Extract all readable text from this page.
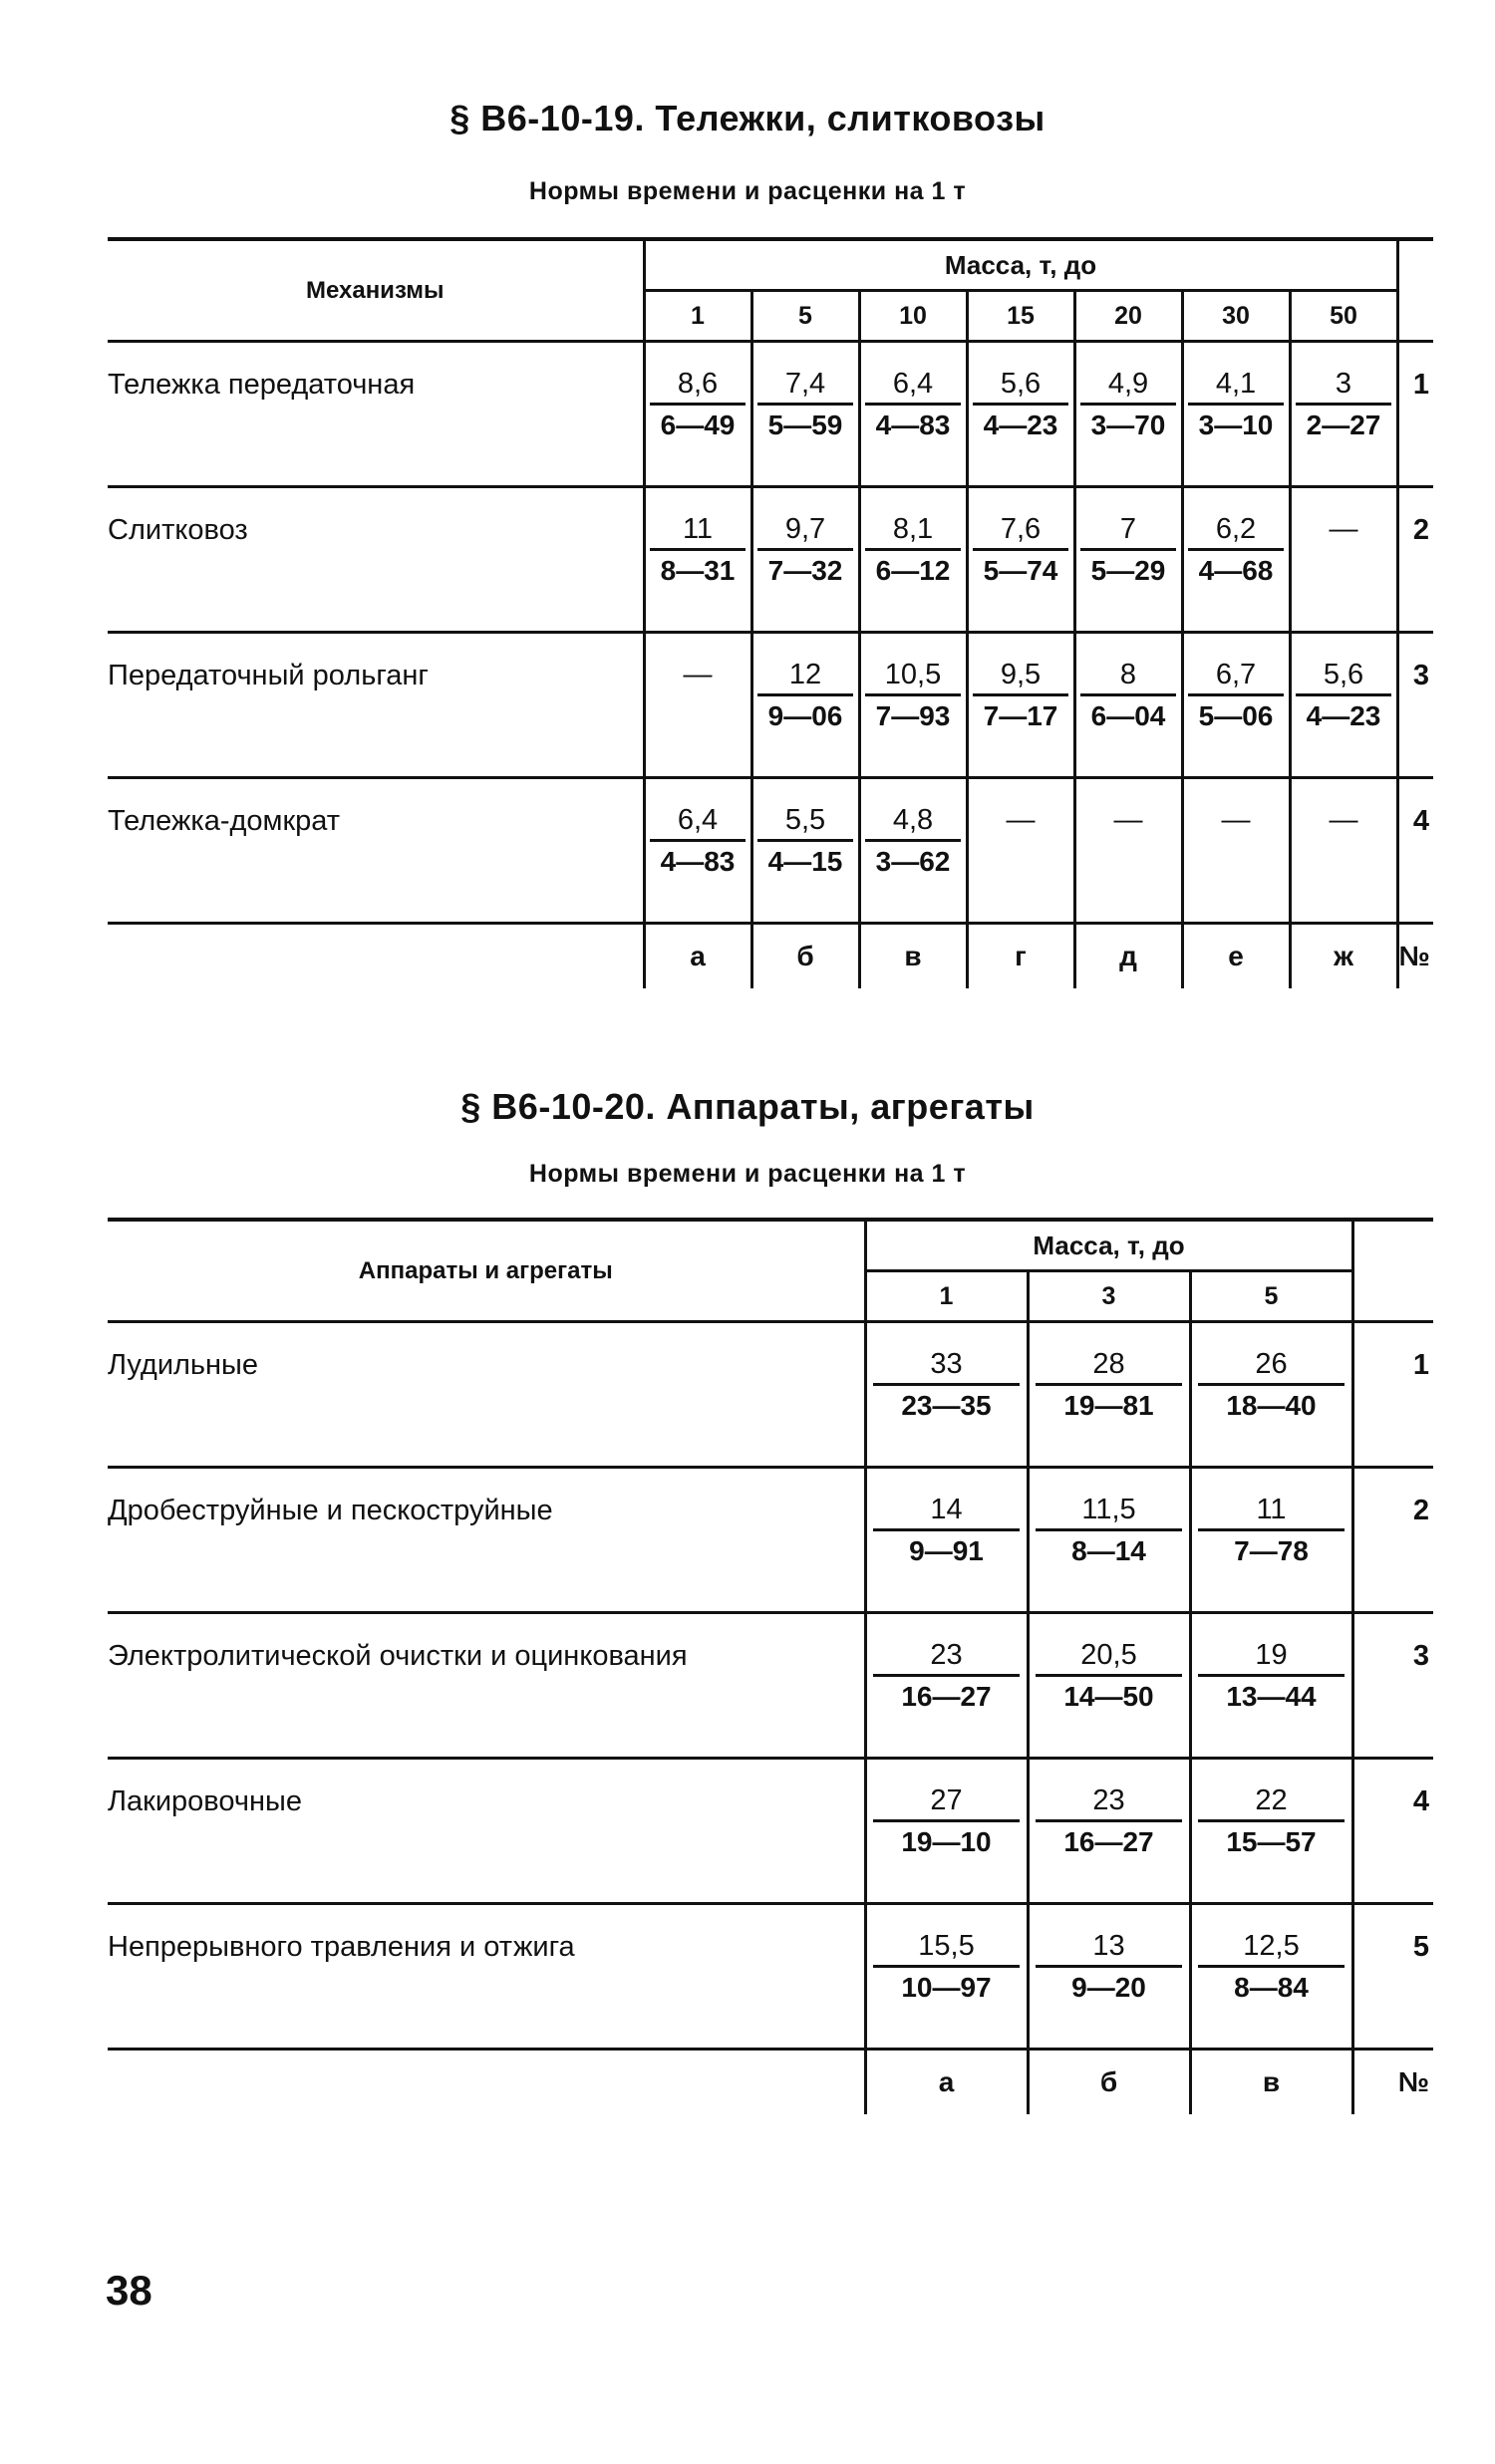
§ В6-10-19. Тележки, слитковозы
Нормы времени и расценки на 1 т
Механизмы	Масса, т, до							
	1	5	10	15	20	30	50	
Тележка передаточная	$\frac{8,6}{6—49}$	$\frac{7,4}{5—59}$	$\frac{6,4}{4—83}$	$\frac{5,6}{4—23}$	$\frac{4,9}{3—70}$	$\frac{4,1}{3—10}$	$\frac{3}{2—27}$	1
Слитковоз	$\frac{11}{8—31}$	$\frac{9,7}{7—32}$	$\frac{8,1}{6—12}$	$\frac{7,6}{5—74}$	$\frac{7}{5—29}$	$\frac{6,2}{4—68}$	—	2
Передаточный рольганг	—	$\frac{12}{9—06}$	$\frac{10,5}{7—93}$	$\frac{9,5}{7—17}$	$\frac{8}{6—04}$	$\frac{6,7}{5—06}$	$\frac{5,6}{4—23}$	3
Тележка-домкрат	$\frac{6,4}{4—83}$	$\frac{5,5}{4—15}$	$\frac{4,8}{3—62}$	—	—	—	—	4
	а	б	в	г	д	е	ж	№
§ В6-10-20. Аппараты, агрегаты
Нормы времени и расценки на 1 т
Аппараты и агрегаты	Масса, т, до			
	1	3	5	
Лудильные	$\frac{33}{23—35}$	$\frac{28}{19—81}$	$\frac{26}{18—40}$	1
Дробеструйные и пескоструйные	$\frac{14}{9—91}$	$\frac{11,5}{8—14}$	$\frac{11}{7—78}$	2
Электролитической очистки и оцинкования	$\frac{23}{16—27}$	$\frac{20,5}{14—50}$	$\frac{19}{13—44}$	3
Лакировочные	$\frac{27}{19—10}$	$\frac{23}{16—27}$	$\frac{22}{15—57}$	4
Непрерывного травления и отжига	$\frac{15,5}{10—97}$	$\frac{13}{9—20}$	$\frac{12,5}{8—84}$	5
	а	б	в	№
38
